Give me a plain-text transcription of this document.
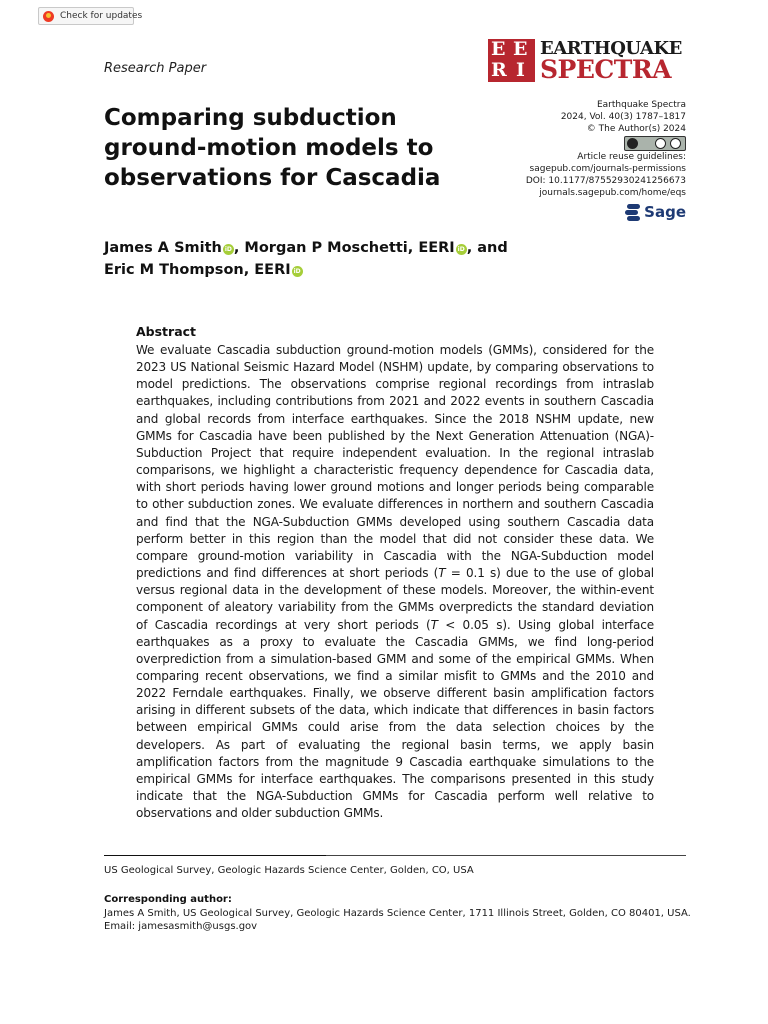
Check for updates
Research Paper
E E
R I
EARTHQUAKE
SPECTRA
Comparing subduction ground-motion models to observations for Cascadia
Earthquake Spectra
2024, Vol. 40(3) 1787–1817
© The Author(s) 2024
Article reuse guidelines:
sagepub.com/journals-permissions
DOI: 10.1177/87552930241256673
journals.sagepub.com/home/eqs
Sage
James A Smith iD , Morgan P Moschetti, EERI iD , and
Eric M Thompson, EERI iD
Abstract

We evaluate Cascadia subduction ground-motion models (GMMs), considered for the 2023 US National Seismic Hazard Model (NSHM) update, by comparing observations to model predictions. The observations comprise regional recordings from intraslab earthquakes, including contributions from 2021 and 2022 events in southern Cascadia and global records from interface earthquakes. Since the 2018 NSHM update, new GMMs for Cascadia have been published by the Next Generation Attenuation (NGA)-Subduction Project that require independent evaluation. In the regional intraslab comparisons, we highlight a characteristic frequency dependence for Cascadia data, with short periods having lower ground motions and longer periods being comparable to other subduction zones. We evaluate differences in northern and southern Cascadia and find that the NGA-Subduction GMMs developed using southern Cascadia data perform better in this region than the model that did not consider these data. We compare ground-motion variability in Cascadia with the NGA-Subduction model predictions and find differences at short periods (T = 0.1 s) due to the use of global versus regional data in the development of these models. Moreover, the within-event component of aleatory variability from the GMMs overpredicts the standard deviation of Cascadia recordings at very short periods (T < 0.05 s). Using global interface earthquakes as a proxy to evaluate the Cascadia GMMs, we find long-period overprediction from a simulation-based GMM and some of the empirical GMMs. When comparing recent observations, we find a similar misfit to GMMs and the 2010 and 2022 Ferndale earthquakes. Finally, we observe different basin amplification factors arising in different subsets of the data, which indicate that differences in basin factors between empirical GMMs could arise from the data selection choices by the developers. As part of evaluating the regional basin terms, we apply basin amplification factors from the magnitude 9 Cascadia earthquake simulations to the empirical GMMs for interface earthquakes. The comparisons presented in this study indicate that the NGA-Subduction GMMs for Cascadia perform well relative to observations and older subduction GMMs.

US Geological Survey, Geologic Hazards Science Center, Golden, CO, USA
Corresponding author:
James A Smith, US Geological Survey, Geologic Hazards Science Center, 1711 Illinois Street, Golden, CO 80401, USA.
Email: jamesasmith@usgs.gov
